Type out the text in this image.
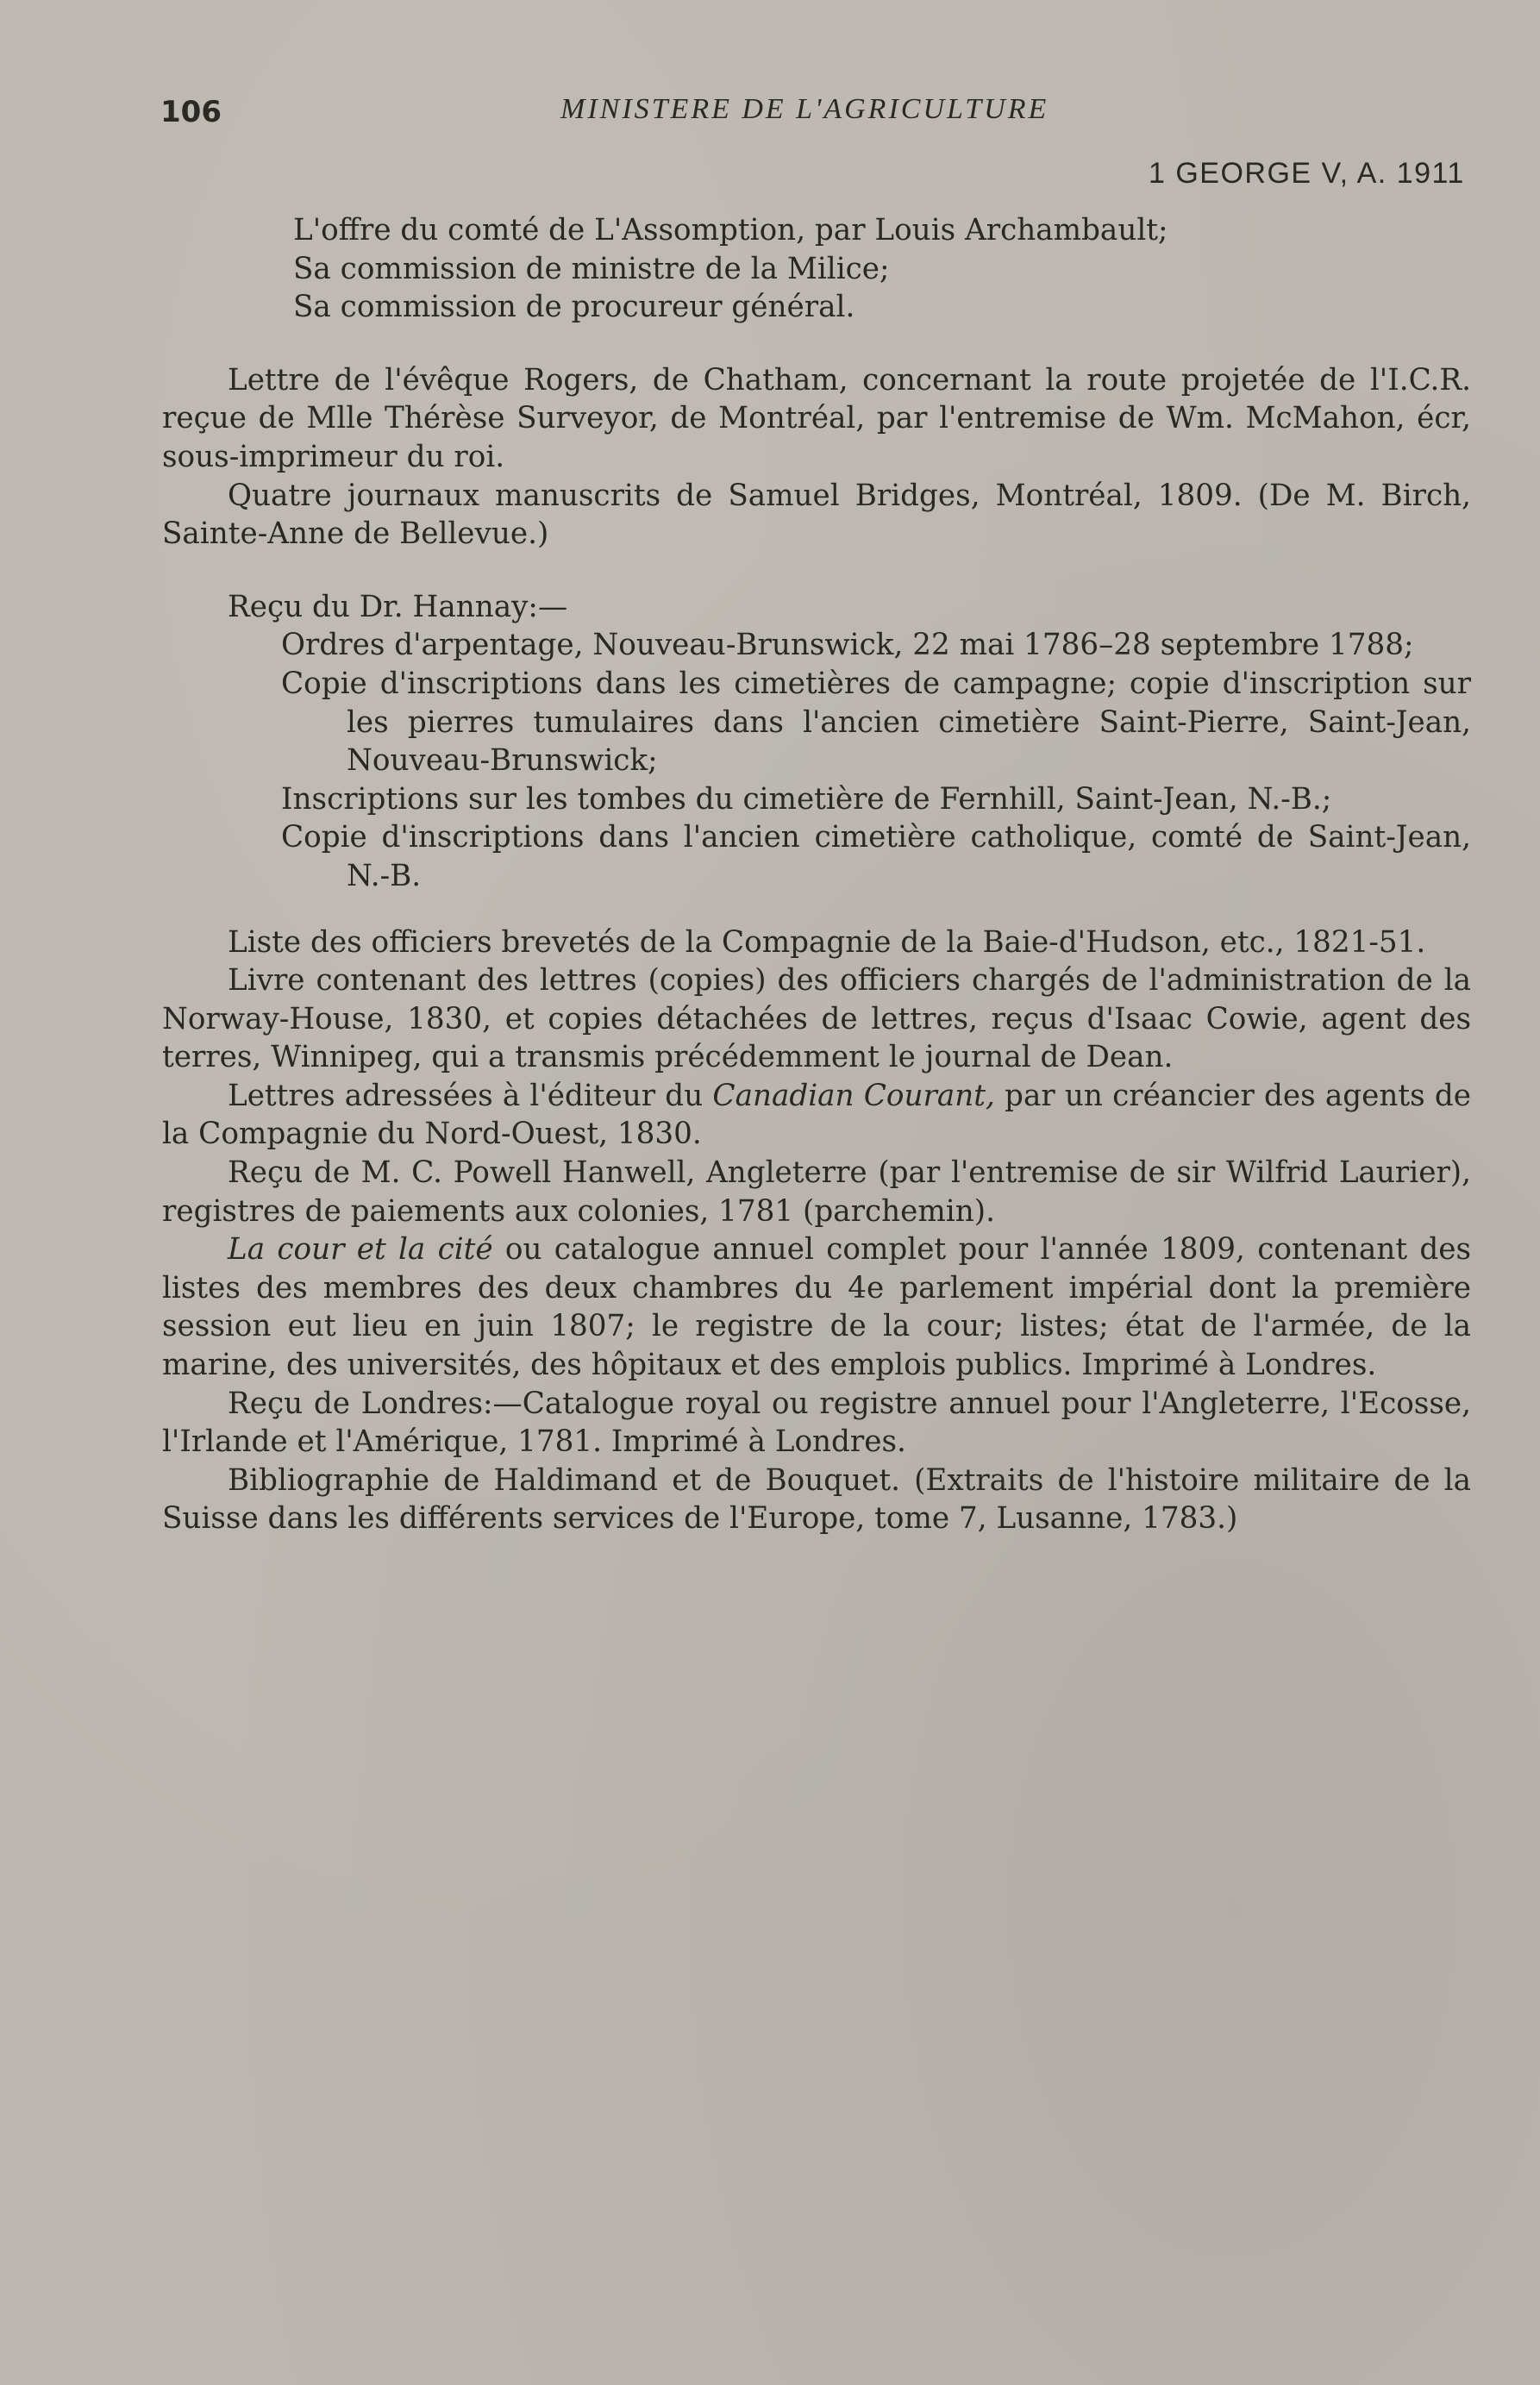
106	MINISTERE DE L'AGRICULTURE
1 GEORGE V, A. 1911

L'offre du comté de L'Assomption, par Louis Archambault;

Sa commission de ministre de la Milice;

Sa commission de procureur général.

Lettre de l'évêque Rogers, de Chatham, concernant la route projetée de l'I.C.R. reçue de Mlle Thérèse Surveyor, de Montréal, par l'entremise de Wm. McMahon, écr, sous-imprimeur du roi.

Quatre journaux manuscrits de Samuel Bridges, Montréal, 1809. (De M. Birch, Sainte-Anne de Bellevue.)

Reçu du Dr. Hannay:—

Ordres d'arpentage, Nouveau-Brunswick, 22 mai 1786–28 septembre 1788;

Copie d'inscriptions dans les cimetières de campagne; copie d'inscription sur les pierres tumulaires dans l'ancien cimetière Saint-Pierre, Saint-Jean, Nouveau-Brunswick;

Inscriptions sur les tombes du cimetière de Fernhill, Saint-Jean, N.-B.;

Copie d'inscriptions dans l'ancien cimetière catholique, comté de Saint-Jean, N.-B.

Liste des officiers brevetés de la Compagnie de la Baie-d'Hudson, etc., 1821-51.

Livre contenant des lettres (copies) des officiers chargés de l'administration de la Norway-House, 1830, et copies détachées de lettres, reçus d'Isaac Cowie, agent des terres, Winnipeg, qui a transmis précédemment le journal de Dean.

Lettres adressées à l'éditeur du Canadian Courant, par un créancier des agents de la Compagnie du Nord-Ouest, 1830.

Reçu de M. C. Powell Hanwell, Angleterre (par l'entremise de sir Wilfrid Laurier), registres de paiements aux colonies, 1781 (parchemin).

La cour et la cité ou catalogue annuel complet pour l'année 1809, contenant des listes des membres des deux chambres du 4e parlement impérial dont la première session eut lieu en juin 1807; le registre de la cour; listes; état de l'armée, de la marine, des universités, des hôpitaux et des emplois publics. Imprimé à Londres.

Reçu de Londres:—Catalogue royal ou registre annuel pour l'Angleterre, l'Ecosse, l'Irlande et l'Amérique, 1781. Imprimé à Londres.

Bibliographie de Haldimand et de Bouquet. (Extraits de l'histoire militaire de la Suisse dans les différents services de l'Europe, tome 7, Lusanne, 1783.)
